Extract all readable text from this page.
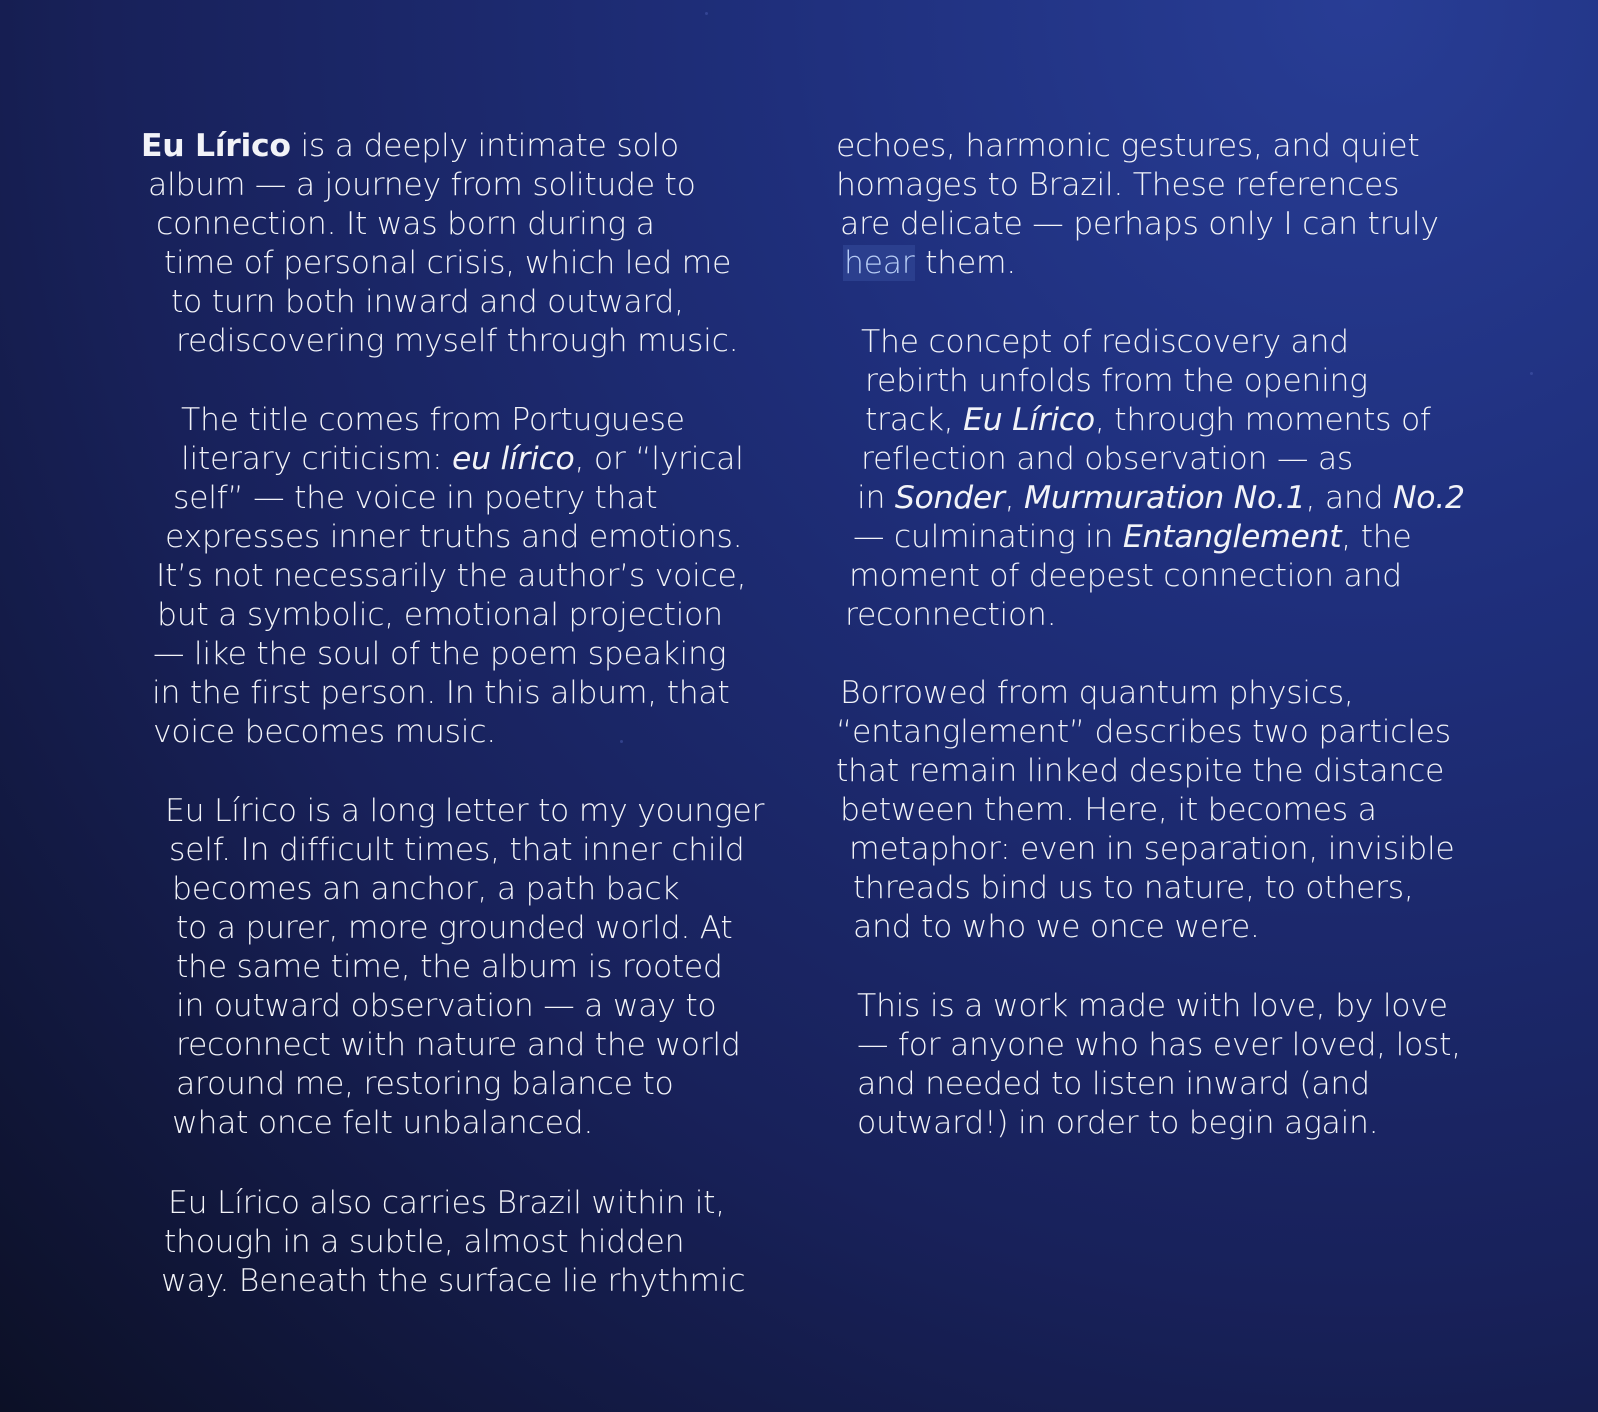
Eu Lírico is a deeply intimate solo
album — a journey from solitude to
connection. It was born during a
time of personal crisis, which led me
to turn both inward and outward,
rediscovering myself through music.
The title comes from Portuguese
literary criticism: eu lírico, or “lyrical
self” — the voice in poetry that
expresses inner truths and emotions.
It’s not necessarily the author’s voice,
but a symbolic, emotional projection
— like the soul of the poem speaking
in the first person. In this album, that
voice becomes music.
Eu Lírico is a long letter to my younger
self. In difficult times, that inner child
becomes an anchor, a path back
to a purer, more grounded world. At
the same time, the album is rooted
in outward observation — a way to
reconnect with nature and the world
around me, restoring balance to
what once felt unbalanced.
Eu Lírico also carries Brazil within it,
though in a subtle, almost hidden
way. Beneath the surface lie rhythmic
echoes, harmonic gestures, and quiet
homages to Brazil. These references
are delicate — perhaps only I can truly
hear them.
The concept of rediscovery and
rebirth unfolds from the opening
track, Eu Lírico, through moments of
reflection and observation — as
in Sonder, Murmuration No.1, and No.2
— culminating in Entanglement, the
moment of deepest connection and
reconnection.
Borrowed from quantum physics,
“entanglement” describes two particles
that remain linked despite the distance
between them. Here, it becomes a
metaphor: even in separation, invisible
threads bind us to nature, to others,
and to who we once were.
This is a work made with love, by love
— for anyone who has ever loved, lost,
and needed to listen inward (and
outward!) in order to begin again.
